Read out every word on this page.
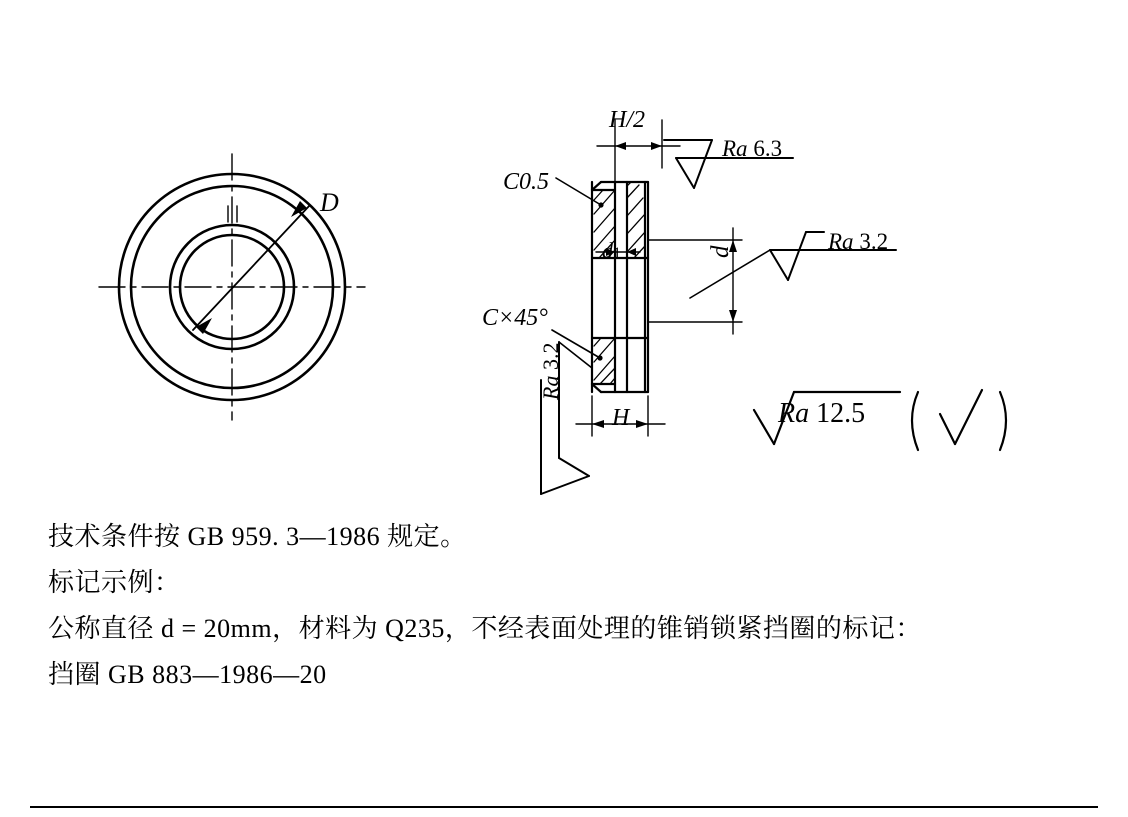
H/2
C0.5
d1	d
C×45°
H
D
Ra 6.3
Ra 3.2
Ra 3.2
Ra 12.5
技术条件按 GB 959. 3—1986 规定。
标记示例：
公称直径 d = 20mm，材料为 Q235，不经表面处理的锥销锁紧挡圈的标记：
挡圈 GB 883—1986—20
